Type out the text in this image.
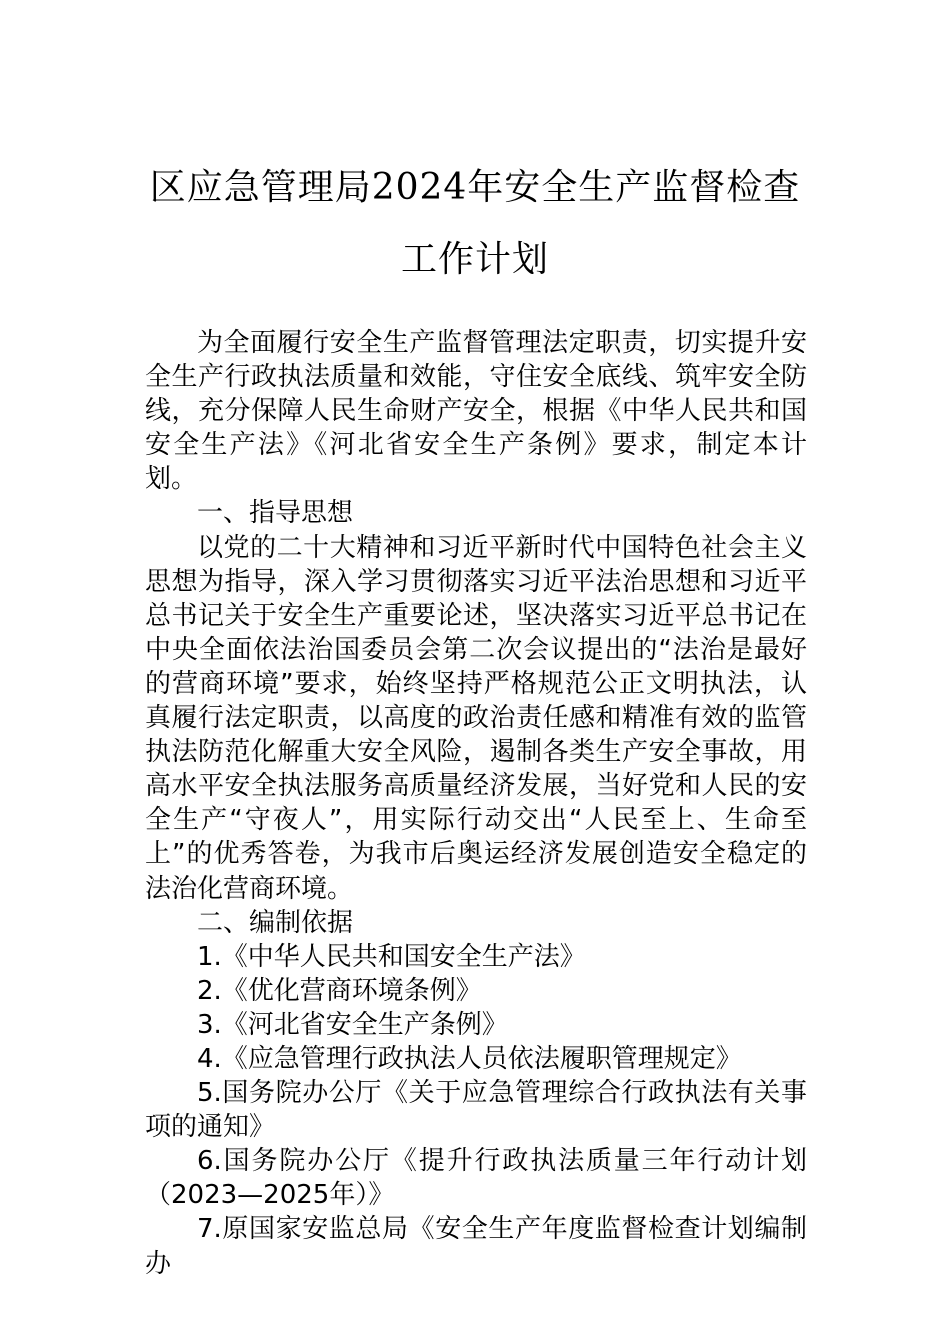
区应急管理局2024年安全生产监督检查工作计划

为全面履行安全生产监督管理法定职责，切实提升安全生产行政执法质量和效能，守住安全底线、筑牢安全防线，充分保障人民生命财产安全，根据《中华人民共和国安全生产法》《河北省安全生产条例》要求，制定本计划。

一、指导思想

以党的二十大精神和习近平新时代中国特色社会主义思想为指导，深入学习贯彻落实习近平法治思想和习近平总书记关于安全生产重要论述，坚决落实习近平总书记在中央全面依法治国委员会第二次会议提出的“法治是最好的营商环境”要求，始终坚持严格规范公正文明执法，认真履行法定职责，以高度的政治责任感和精准有效的监管执法防范化解重大安全风险，遏制各类生产安全事故，用高水平安全执法服务高质量经济发展，当好党和人民的安全生产“守夜人”，用实际行动交出“人民至上、生命至上”的优秀答卷，为我市后奥运经济发展创造安全稳定的法治化营商环境。

二、编制依据

1.《中华人民共和国安全生产法》

2.《优化营商环境条例》

3.《河北省安全生产条例》

4.《应急管理行政执法人员依法履职管理规定》

5.国务院办公厅《关于应急管理综合行政执法有关事项的通知》

6.国务院办公厅《提升行政执法质量三年行动计划（2023—2025年）》

7.原国家安监总局《安全生产年度监督检查计划编制办
